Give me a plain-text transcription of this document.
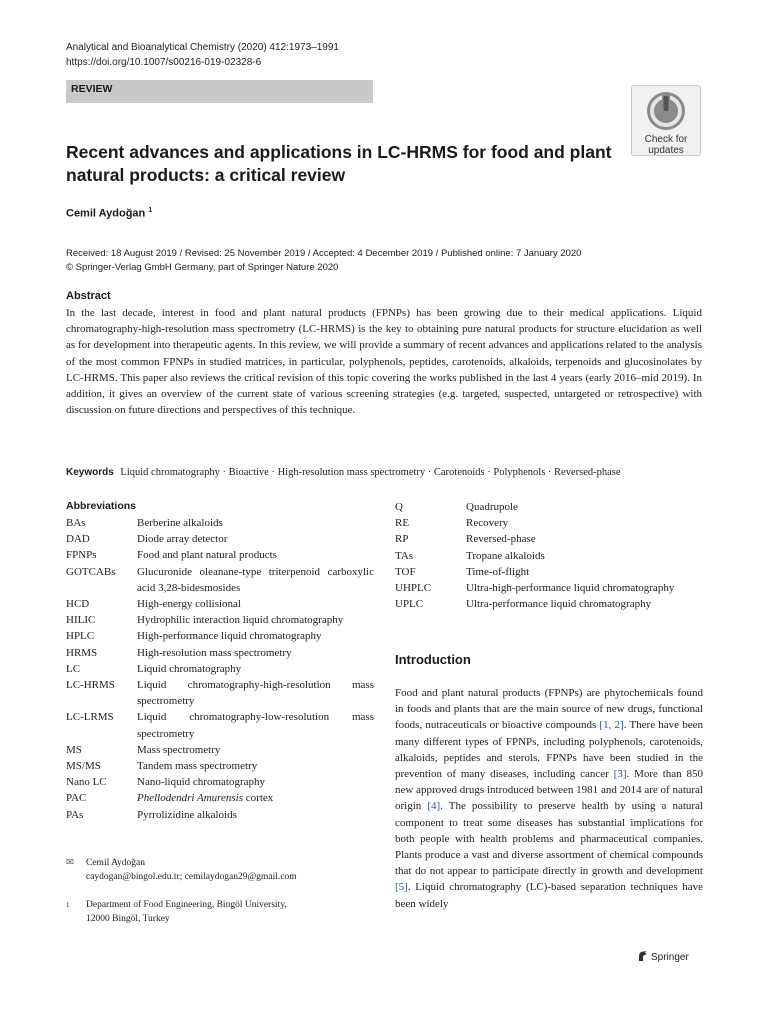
Analytical and Bioanalytical Chemistry (2020) 412:1973–1991
https://doi.org/10.1007/s00216-019-02328-6
REVIEW
Check for
updates
Recent advances and applications in LC-HRMS for food and plant natural products: a critical review
Cemil Aydoğan $^1$
Received: 18 August 2019 / Revised: 25 November 2019 / Accepted: 4 December 2019 / Published online: 7 January 2020
© Springer-Verlag GmbH Germany, part of Springer Nature 2020
Abstract
In the last decade, interest in food and plant natural products (FPNPs) has been growing due to their medical applications. Liquid chromatography-high-resolution mass spectrometry (LC-HRMS) is the key to obtaining pure natural products for structure elucidation as well as for development into therapeutic agents. In this review, we will provide a summary of recent advances and applications related to the analysis of the most common FPNPs in studied matrices, in particular, polyphenols, peptides, carotenoids, alkaloids, terpenoids and glucosinolates by LC-HRMS. This paper also reviews the critical revision of this topic covering the works published in the last 4 years (early 2016–mid 2019). In addition, it gives an overview of the current state of various screening strategies (e.g. targeted, suspected, untargeted or retrospective) with discussion on future directions and perspectives of this technique.
Keywords Liquid chromatography · Bioactive · High-resolution mass spectrometry · Carotenoids · Polyphenols · Reversed-phase
Abbreviations
BAs	Berberine alkaloids
DAD	Diode array detector
FPNPs	Food and plant natural products
GOTCABs	Glucuronide oleanane-type triterpenoid carboxylic acid 3,28-bidesmosides
HCD	High-energy collisional
HILIC	Hydrophilic interaction liquid chromatography
HPLC	High-performance liquid chromatography
HRMS	High-resolution mass spectrometry
LC	Liquid chromatography
LC-HRMS	Liquid chromatography-high-resolution mass spectrometry
LC-LRMS	Liquid chromatography-low-resolution mass spectrometry
MS	Mass spectrometry
MS/MS	Tandem mass spectrometry
Nano LC	Nano-liquid chromatography
PAC	Phellodendri Amurensis cortex
PAs	Pyrrolizidine alkaloids
Q	Quadrupole
RE	Recovery
RP	Reversed-phase
TAs	Tropane alkaloids
TOF	Time-of-flight
UHPLC	Ultra-high-performance liquid chromatography
UPLC	Ultra-performance liquid chromatography
Introduction
Food and plant natural products (FPNPs) are phytochemicals found in foods and plants that are the main source of new drugs, functional foods, nutraceuticals or bioactive compounds [1, 2]. There have been many different types of FPNPs, including polyphenols, carotenoids, alkaloids, peptides and sterols. FPNPs have been studied in the prevention of many diseases, including cancer [3]. More than 850 new approved drugs introduced between 1981 and 2014 are of natural origin [4]. The possibility to preserve health by using a natural component to treat some diseases has substantial implications for both people with health problems and pharmaceutical companies. Plants produce a vast and diverse assortment of chemical compounds that do not appear to participate directly in growth and development [5]. Liquid chromatography (LC)-based separation techniques have been widely
✉ Cemil Aydoğan
caydogan@bingol.edu.tr; cemilaydogan29@gmail.com
$^1$ Department of Food Engineering, Bingöl University,
12000 Bingöl, Turkey
Springer
